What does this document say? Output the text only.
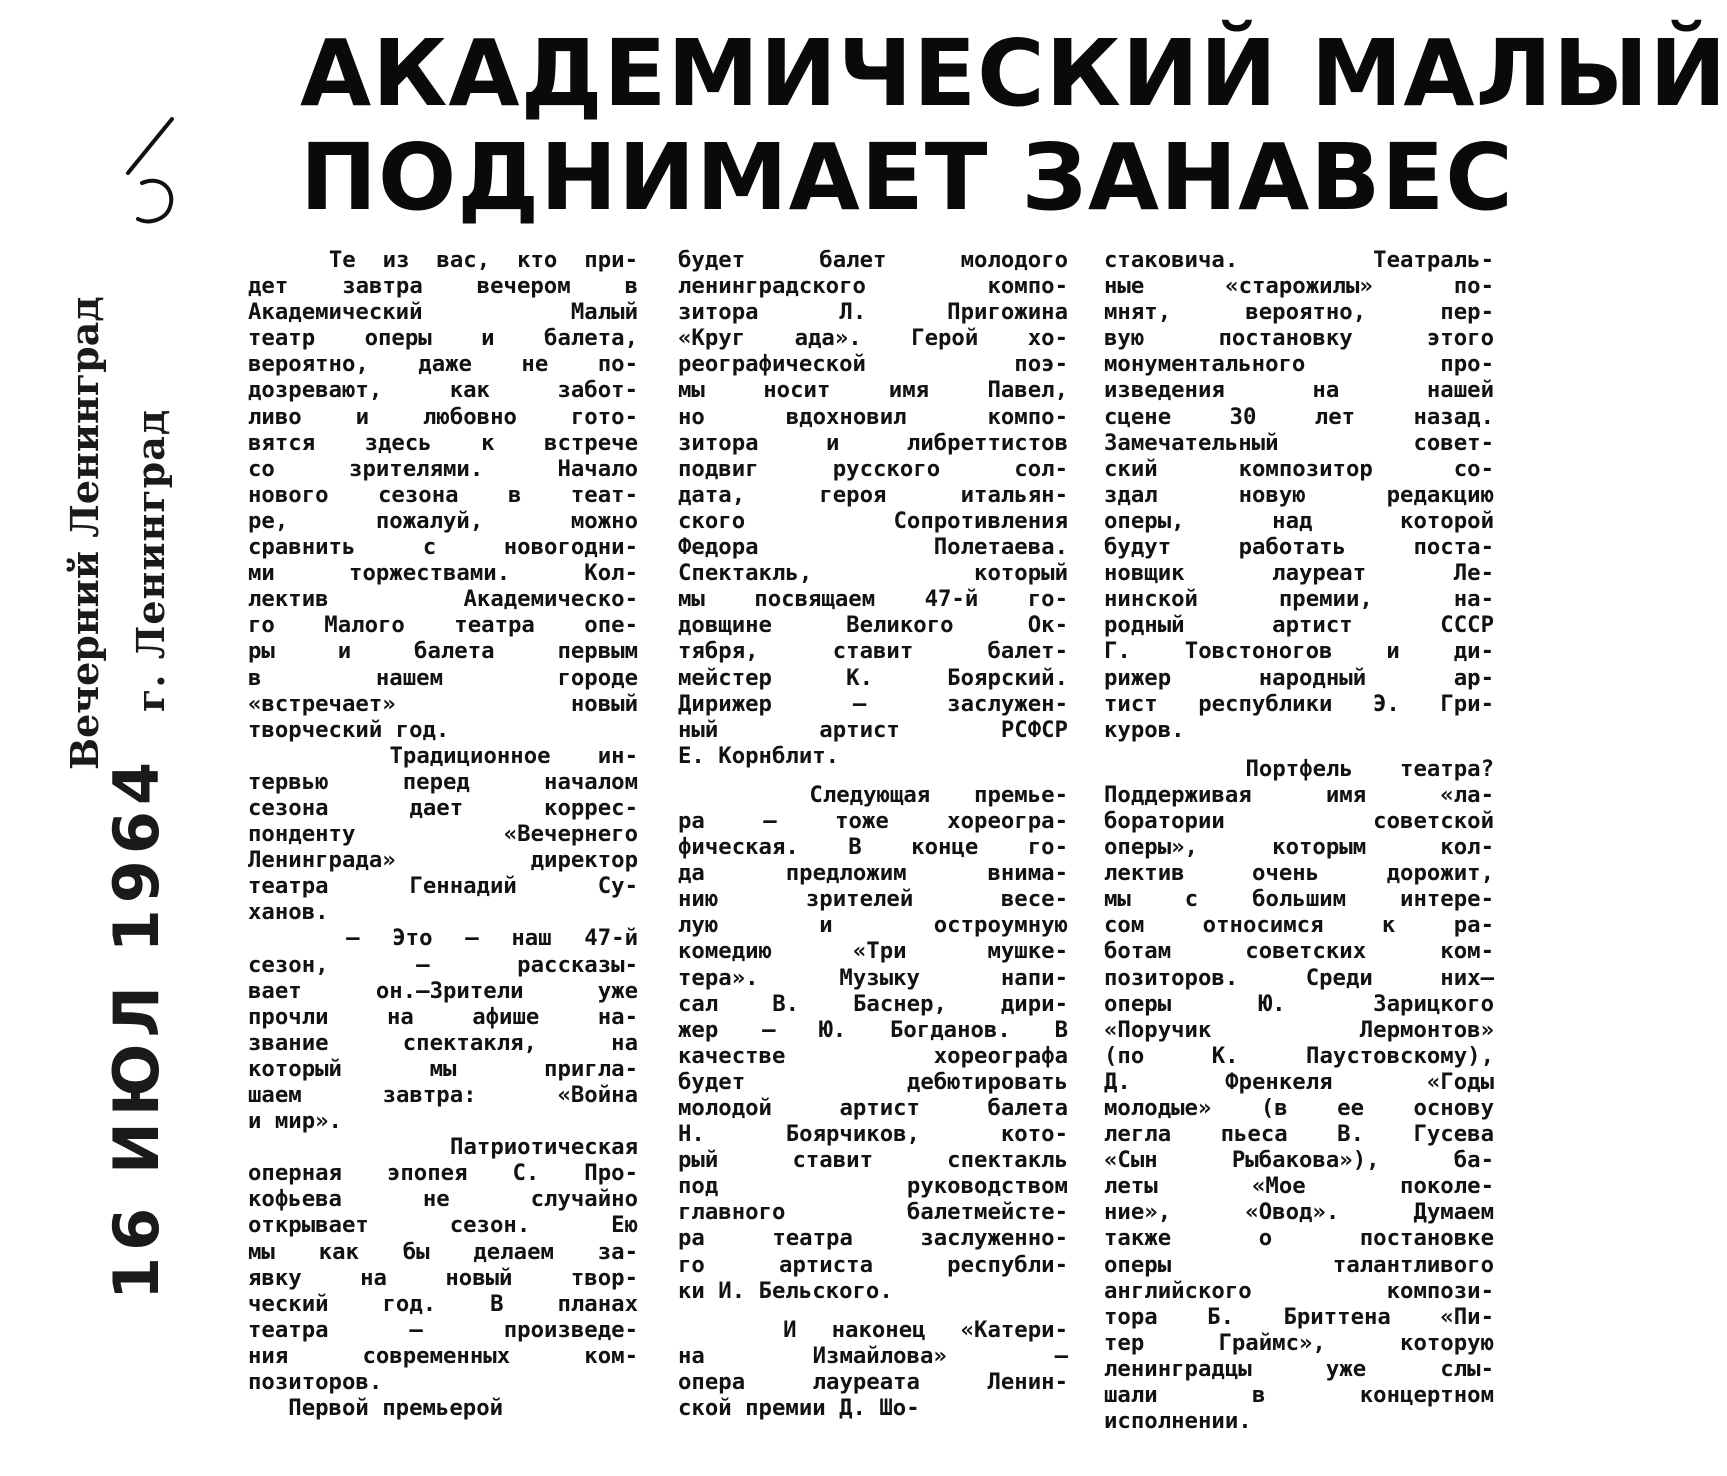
Вечерний Ленинград г. Ленинград
16 ИЮЛ 1964
АКАДЕМИЧЕСКИЙ МАЛЫЙ
ПОДНИМАЕТ ЗАНАВЕС

Те из вас, кто при-

дет завтра вечером в

Академический Малый

театр оперы и балета,

вероятно, даже не по-

дозревают, как забот-

ливо и любовно гото-

вятся здесь к встрече

со зрителями. Начало

нового сезона в теат-

ре, пожалуй, можно

сравнить с новогодни-

ми торжествами. Кол-

лектив Академическо-

го Малого театра опе-

ры и балета первым

в нашем городе

«встречает» новый

творческий год.

Традиционное ин-

тервью перед началом

сезона дает коррес-

понденту «Вечернего

Ленинграда» директор

театра Геннадий Су-

ханов.

— Это — наш 47-й

сезон, — рассказы-

вает он.—Зрители уже

прочли на афише на-

звание спектакля, на

который мы пригла-

шаем завтра: «Война

и мир».

Патриотическая

оперная эпопея С. Про-

кофьева не случайно

открывает сезон. Ею

мы как бы делаем за-

явку на новый твор-

ческий год. В планах

театра — произведе-

ния современных ком-

позиторов.

Первой премьерой

будет балет молодого

ленинградского компо-

зитора Л. Пригожина

«Круг ада». Герой хо-

реографической поэ-

мы носит имя Павел,

но вдохновил компо-

зитора и либреттистов

подвиг русского сол-

дата, героя итальян-

ского Сопротивления

Федора Полетаева.

Спектакль, который

мы посвящаем 47-й го-

довщине Великого Ок-

тября, ставит балет-

мейстер К. Боярский.

Дирижер — заслужен-

ный артист РСФСР

Е. Корнблит.

Следующая премье-

ра — тоже хореогра-

фическая. В конце го-

да предложим внима-

нию зрителей весе-

лую и остроумную

комедию «Три мушке-

тера». Музыку напи-

сал В. Баснер, дири-

жер — Ю. Богданов. В

качестве хореографа

будет дебютировать

молодой артист балета

Н. Боярчиков, кото-

рый ставит спектакль

под руководством

главного балетмейсте-

ра театра заслуженно-

го артиста республи-

ки И. Бельского.

И наконец «Катери-

на Измайлова» —

опера лауреата Ленин-

ской премии Д. Шо-

стаковича. Театраль-

ные «старожилы» по-

мнят, вероятно, пер-

вую постановку этого

монументального про-

изведения на нашей

сцене 30 лет назад.

Замечательный совет-

ский композитор со-

здал новую редакцию

оперы, над которой

будут работать поста-

новщик лауреат Ле-

нинской премии, на-

родный артист СССР

Г. Товстоногов и ди-

рижер народный ар-

тист республики Э. Гри-

куров.

Портфель театра?

Поддерживая имя «ла-

боратории советской

оперы», которым кол-

лектив очень дорожит,

мы с большим интере-

сом относимся к ра-

ботам советских ком-

позиторов. Среди них—

оперы Ю. Зарицкого

«Поручик Лермонтов»

(по К. Паустовскому),

Д. Френкеля «Годы

молодые» (в ее основу

легла пьеса В. Гусева

«Сын Рыбакова»), ба-

леты «Мое поколе-

ние», «Овод». Думаем

также о постановке

оперы талантливого

английского компози-

тора Б. Бриттена «Пи-

тер Граймс», которую

ленинградцы уже слы-

шали в концертном

исполнении.
